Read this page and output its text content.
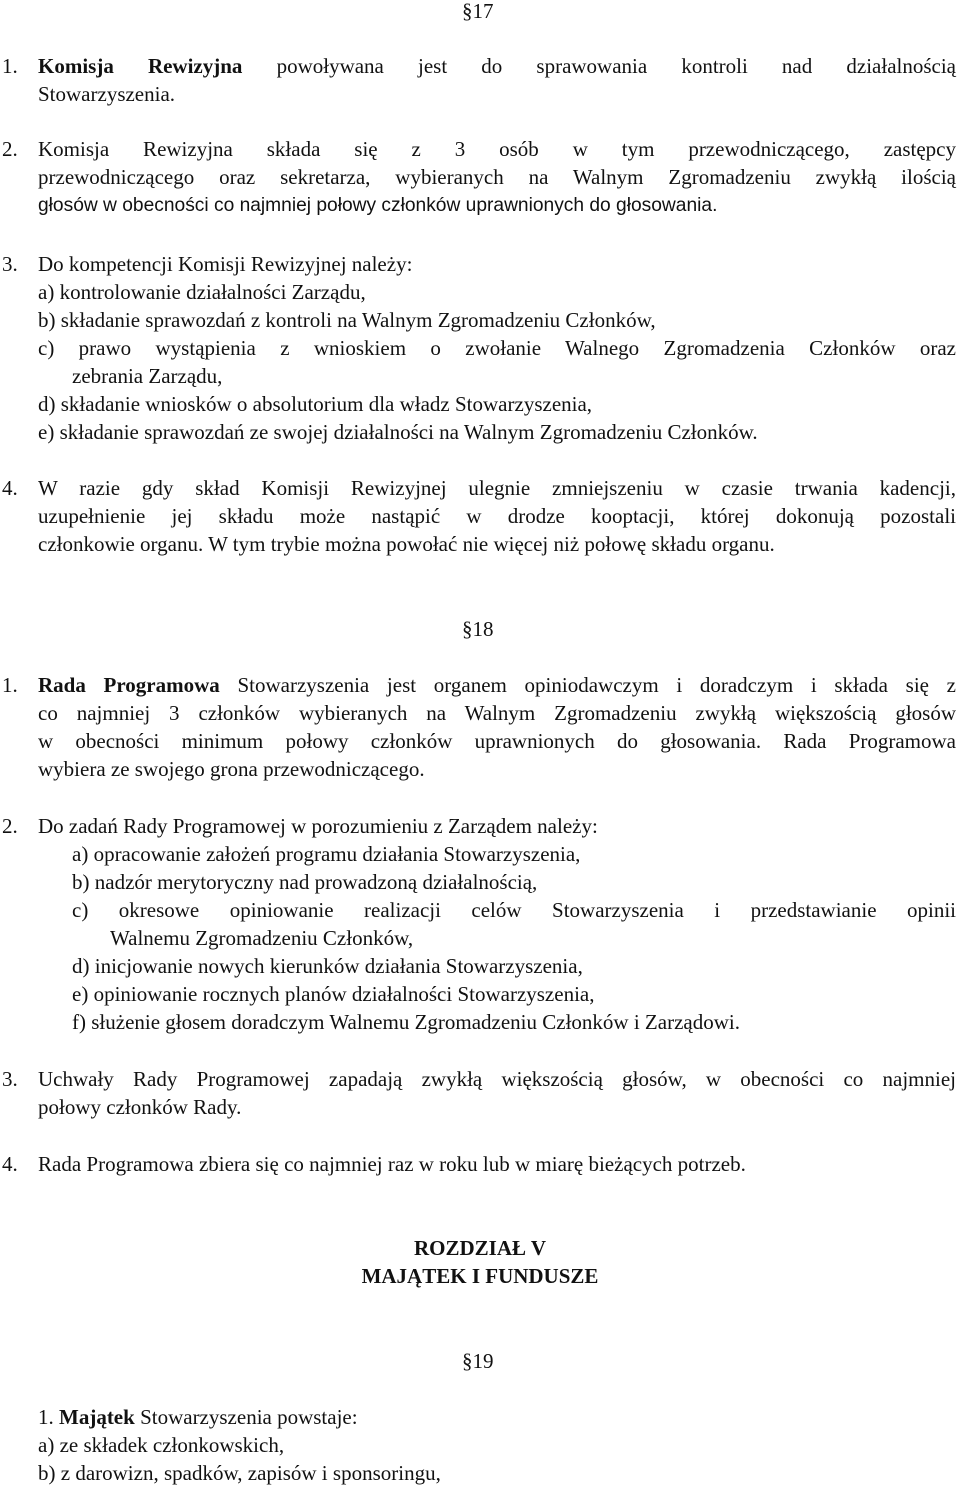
§17
1. Komisja Rewizyjna powoływana jest do sprawowania kontroli nad działalnością
Stowarzyszenia.
2. Komisja Rewizyjna składa się z 3 osób w tym przewodniczącego, zastępcy
przewodniczącego oraz sekretarza, wybieranych na Walnym Zgromadzeniu zwykłą ilością
głosów w obecności co najmniej połowy członków uprawnionych do głosowania.
3. Do kompetencji Komisji Rewizyjnej należy:
a) kontrolowanie działalności Zarządu,
b) składanie sprawozdań z kontroli na Walnym Zgromadzeniu Członków,
c) prawo wystąpienia z wnioskiem o zwołanie Walnego Zgromadzenia Członków oraz
zebrania Zarządu,
d) składanie wniosków o absolutorium dla władz Stowarzyszenia,
e) składanie sprawozdań ze swojej działalności na Walnym Zgromadzeniu Członków.
4. W razie gdy skład Komisji Rewizyjnej ulegnie zmniejszeniu w czasie trwania kadencji,
uzupełnienie jej składu może nastąpić w drodze kooptacji, której dokonują pozostali
członkowie organu. W tym trybie można powołać nie więcej niż połowę składu organu.
§18
1. Rada Programowa Stowarzyszenia jest organem opiniodawczym i doradczym i składa się z
co najmniej 3 członków wybieranych na Walnym Zgromadzeniu zwykłą większością głosów
w obecności minimum połowy członków uprawnionych do głosowania. Rada Programowa
wybiera ze swojego grona przewodniczącego.
2. Do zadań Rady Programowej w porozumieniu z Zarządem należy:
a) opracowanie założeń programu działania Stowarzyszenia,
b) nadzór merytoryczny nad prowadzoną działalnością,
c) okresowe opiniowanie realizacji celów Stowarzyszenia i przedstawianie opinii
Walnemu Zgromadzeniu Członków,
d) inicjowanie nowych kierunków działania Stowarzyszenia,
e) opiniowanie rocznych planów działalności Stowarzyszenia,
f) służenie głosem doradczym Walnemu Zgromadzeniu Członków i Zarządowi.
3. Uchwały Rady Programowej zapadają zwykłą większością głosów, w obecności co najmniej
połowy członków Rady.
4. Rada Programowa zbiera się co najmniej raz w roku lub w miarę bieżących potrzeb.
ROZDZIAŁ V
MAJĄTEK I FUNDUSZE
§19
1. Majątek Stowarzyszenia powstaje:
a) ze składek członkowskich,
b) z darowizn, spadków, zapisów i sponsoringu,
